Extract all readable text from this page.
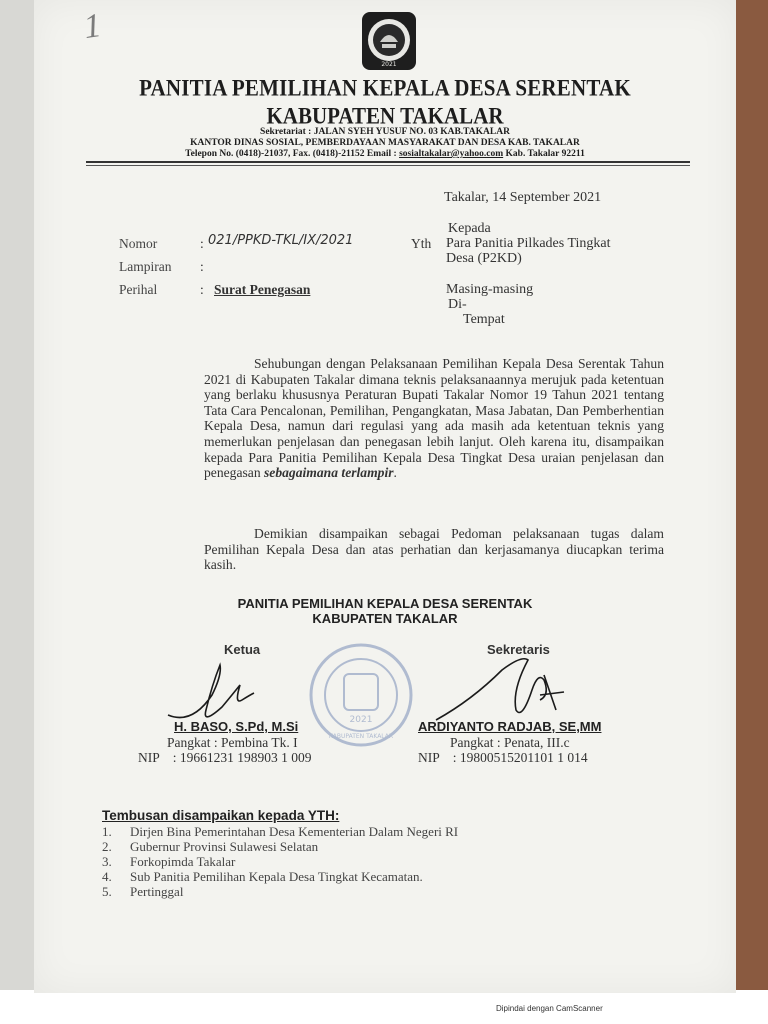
1
2021
PANITIA PEMILIHAN KEPALA DESA SERENTAK
KABUPATEN TAKALAR
Sekretariat : JALAN SYEH YUSUF NO. 03 KAB.TAKALAR
KANTOR DINAS SOSIAL, PEMBERDAYAAN MASYARAKAT DAN DESA KAB. TAKALAR
Telepon No. (0418)-21037, Fax. (0418)-21152 Email : sosialtakalar@yahoo.com Kab. Takalar 92211
Takalar, 14 September 2021
Nomor	: 021/PPKD-TKL/IX/2021
Lampiran :
Perihal	: Surat Penegasan
Kepada
Yth Para Panitia Pilkades Tingkat
Desa (P2KD)
Masing-masing
Di-
Tempat

Sehubungan dengan Pelaksanaan Pemilihan Kepala Desa Serentak Tahun 2021 di Kabupaten Takalar dimana teknis pelaksanaannya merujuk pada ketentuan yang berlaku khususnya Peraturan Bupati Takalar Nomor 19 Tahun 2021 tentang Tata Cara Pencalonan, Pemilihan, Pengangkatan, Masa Jabatan, Dan Pemberhentian Kepala Desa, namun dari regulasi yang ada masih ada ketentuan teknis yang memerlukan penjelasan dan penegasan lebih lanjut. Oleh karena itu, disampaikan kepada Para Panitia Pemilihan Kepala Desa Tingkat Desa uraian penjelasan dan penegasan sebagaimana terlampir.

Demikian disampaikan sebagai Pedoman pelaksanaan tugas dalam Pemilihan Kepala Desa dan atas perhatian dan kerjasamanya diucapkan terima kasih.

PANITIA PEMILIHAN KEPALA DESA SERENTAK
KABUPATEN TAKALAR
Ketua	Sekretaris
2021
KABUPATEN TAKALAR
H. BASO, S.Pd, M.Si
Pangkat : Pembina Tk. I
NIP    : 19661231 198903 1 009
ARDIYANTO RADJAB, SE,MM
Pangkat : Penata, III.c
NIP    : 19800515201101 1 014
Tembusan disampaikan kepada YTH:
1. Dirjen Bina Pemerintahan Desa Kementerian Dalam Negeri RI
2. Gubernur Provinsi Sulawesi Selatan
3. Forkopimda Takalar
4. Sub Panitia Pemilihan Kepala Desa Tingkat Kecamatan.
5. Pertinggal
Dipindai dengan CamScanner
